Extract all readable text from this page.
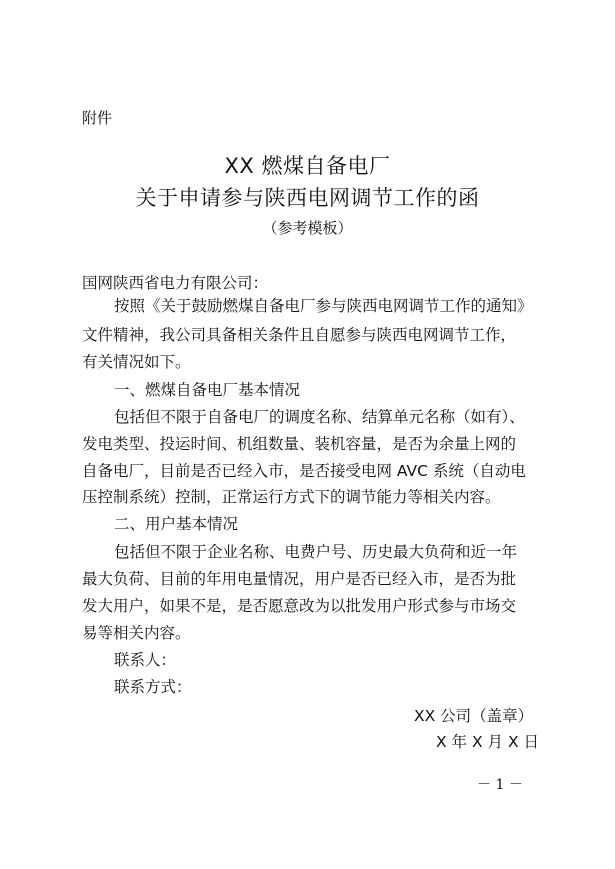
附件
XX 燃煤自备电厂
关于申请参与陕西电网调节工作的函
（参考模板）
国网陕西省电力有限公司：
按照《关于鼓励燃煤自备电厂参与陕西电网调节工作的通知》
文件精神，我公司具备相关条件且自愿参与陕西电网调节工作，
有关情况如下。
一、燃煤自备电厂基本情况
包括但不限于自备电厂的调度名称、结算单元名称（如有）、
发电类型、投运时间、机组数量、装机容量，是否为余量上网的
自备电厂，目前是否已经入市，是否接受电网 AVC 系统（自动电
压控制系统）控制，正常运行方式下的调节能力等相关内容。
二、用户基本情况
包括但不限于企业名称、电费户号、历史最大负荷和近一年
最大负荷、目前的年用电量情况，用户是否已经入市，是否为批
发大用户，如果不是，是否愿意改为以批发用户形式参与市场交
易等相关内容。
联系人：
联系方式：
XX 公司（盖章）
X 年 X 月 X 日
－ 1 －
